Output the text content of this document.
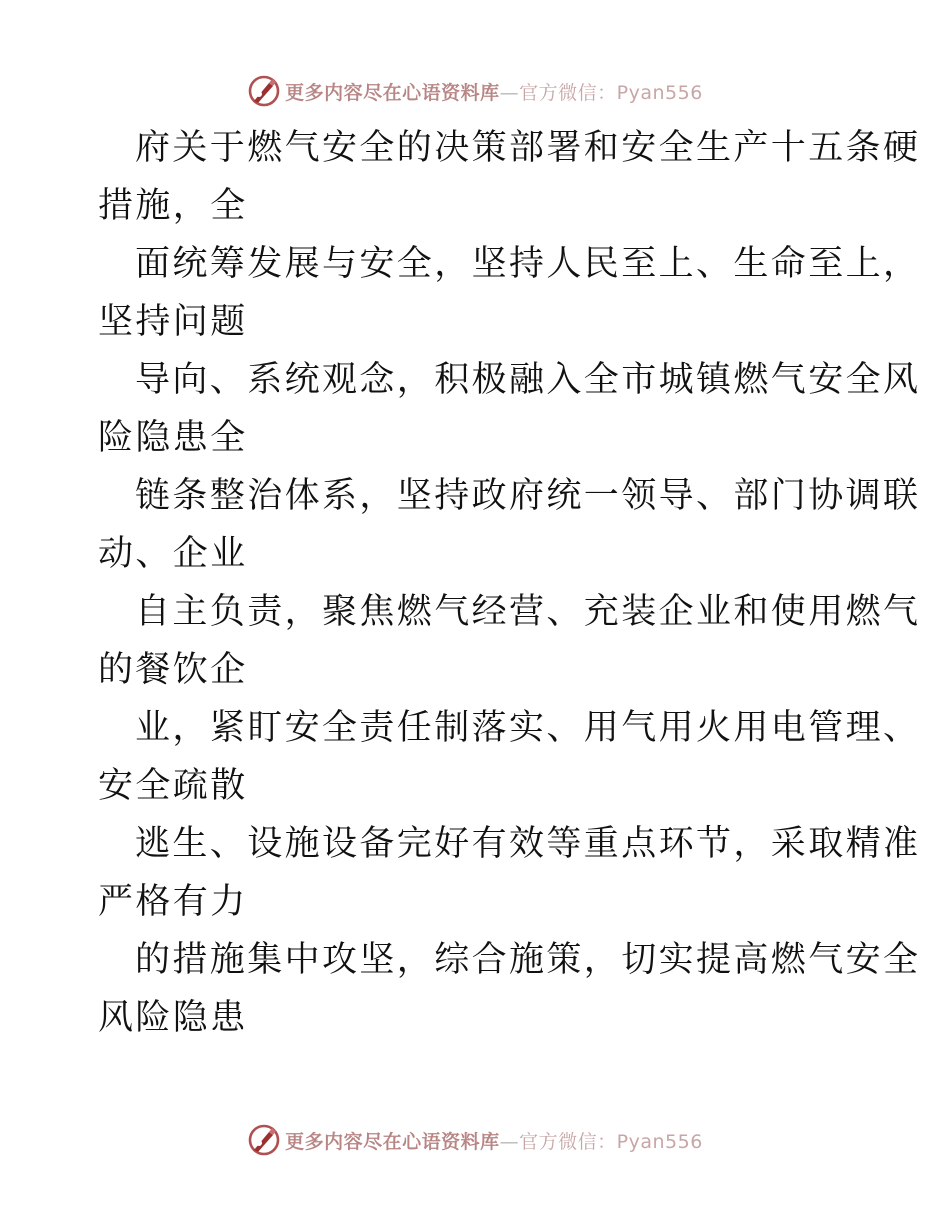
更多内容尽在心语资料库—官方微信：Pyan556
府关于燃气安全的决策部署和安全生产十五条硬
措施，全
面统筹发展与安全，坚持人民至上、生命至上，
坚持问题
导向、系统观念，积极融入全市城镇燃气安全风
险隐患全
链条整治体系，坚持政府统一领导、部门协调联
动、企业
自主负责，聚焦燃气经营、充装企业和使用燃气
的餐饮企
业，紧盯安全责任制落实、用气用火用电管理、
安全疏散
逃生、设施设备完好有效等重点环节，采取精准
严格有力
的措施集中攻坚，综合施策，切实提高燃气安全
风险隐患
更多内容尽在心语资料库—官方微信：Pyan556
